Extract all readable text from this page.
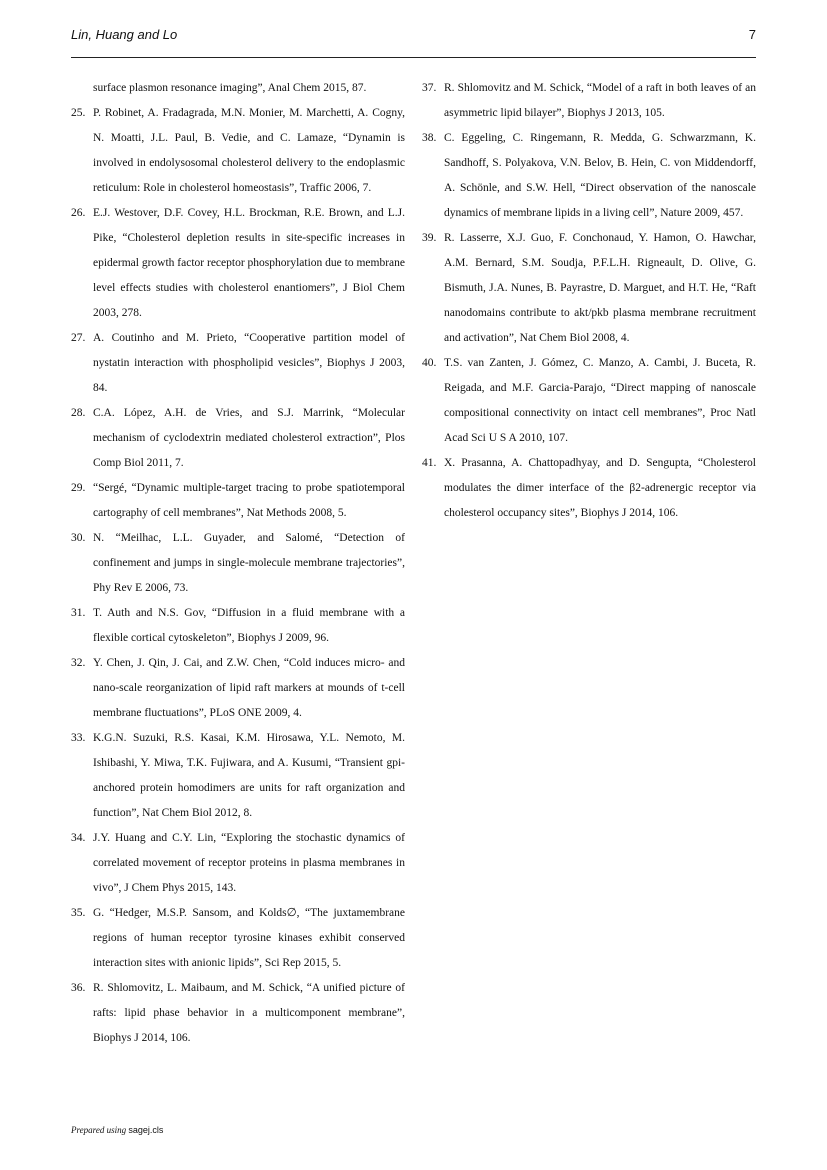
Lin, Huang and Lo	7

surface plasmon resonance imaging”, Anal Chem 2015, 87.

25. P. Robinet, A. Fradagrada, M.N. Monier, M. Marchetti, A. Cogny, N. Moatti, J.L. Paul, B. Vedie, and C. Lamaze, “Dynamin is involved in endolysosomal cholesterol delivery to the endoplasmic reticulum: Role in cholesterol homeostasis”, Traffic 2006, 7.

26. E.J. Westover, D.F. Covey, H.L. Brockman, R.E. Brown, and L.J. Pike, “Cholesterol depletion results in site-specific increases in epidermal growth factor receptor phosphorylation due to membrane level effects studies with cholesterol enantiomers”, J Biol Chem 2003, 278.

27. A. Coutinho and M. Prieto, “Cooperative partition model of nystatin interaction with phospholipid vesicles”, Biophys J 2003, 84.

28. C.A. López, A.H. de Vries, and S.J. Marrink, “Molecular mechanism of cyclodextrin mediated cholesterol extraction”, Plos Comp Biol 2011, 7.

29. “Sergé, “Dynamic multiple-target tracing to probe spatiotemporal cartography of cell membranes”, Nat Methods 2008, 5.

30. N. “Meilhac, L.L. Guyader, and Salomé, “Detection of confinement and jumps in single-molecule membrane trajectories”, Phy Rev E 2006, 73.

31. T. Auth and N.S. Gov, “Diffusion in a fluid membrane with a flexible cortical cytoskeleton”, Biophys J 2009, 96.

32. Y. Chen, J. Qin, J. Cai, and Z.W. Chen, “Cold induces micro- and nano-scale reorganization of lipid raft markers at mounds of t-cell membrane fluctuations”, PLoS ONE 2009, 4.

33. K.G.N. Suzuki, R.S. Kasai, K.M. Hirosawa, Y.L. Nemoto, M. Ishibashi, Y. Miwa, T.K. Fujiwara, and A. Kusumi, “Transient gpi-anchored protein homodimers are units for raft organization and function”, Nat Chem Biol 2012, 8.

34. J.Y. Huang and C.Y. Lin, “Exploring the stochastic dynamics of correlated movement of receptor proteins in plasma membranes in vivo”, J Chem Phys 2015, 143.

35. G. “Hedger, M.S.P. Sansom, and Kolds∅, “The juxtamembrane regions of human receptor tyrosine kinases exhibit conserved interaction sites with anionic lipids”, Sci Rep 2015, 5.

36. R. Shlomovitz, L. Maibaum, and M. Schick, “A unified picture of rafts: lipid phase behavior in a multicomponent membrane”, Biophys J 2014, 106.

37. R. Shlomovitz and M. Schick, “Model of a raft in both leaves of an asymmetric lipid bilayer”, Biophys J 2013, 105.

38. C. Eggeling, C. Ringemann, R. Medda, G. Schwarzmann, K. Sandhoff, S. Polyakova, V.N. Belov, B. Hein, C. von Middendorff, A. Schönle, and S.W. Hell, “Direct observation of the nanoscale dynamics of membrane lipids in a living cell”, Nature 2009, 457.

39. R. Lasserre, X.J. Guo, F. Conchonaud, Y. Hamon, O. Hawchar, A.M. Bernard, S.M. Soudja, P.F.L.H. Rigneault, D. Olive, G. Bismuth, J.A. Nunes, B. Payrastre, D. Marguet, and H.T. He, “Raft nanodomains contribute to akt/pkb plasma membrane recruitment and activation”, Nat Chem Biol 2008, 4.

40. T.S. van Zanten, J. Gómez, C. Manzo, A. Cambi, J. Buceta, R. Reigada, and M.F. Garcia-Parajo, “Direct mapping of nanoscale compositional connectivity on intact cell membranes”, Proc Natl Acad Sci U S A 2010, 107.

41. X. Prasanna, A. Chattopadhyay, and D. Sengupta, “Cholesterol modulates the dimer interface of the β2-adrenergic receptor via cholesterol occupancy sites”, Biophys J 2014, 106.

Prepared using sagej.cls
